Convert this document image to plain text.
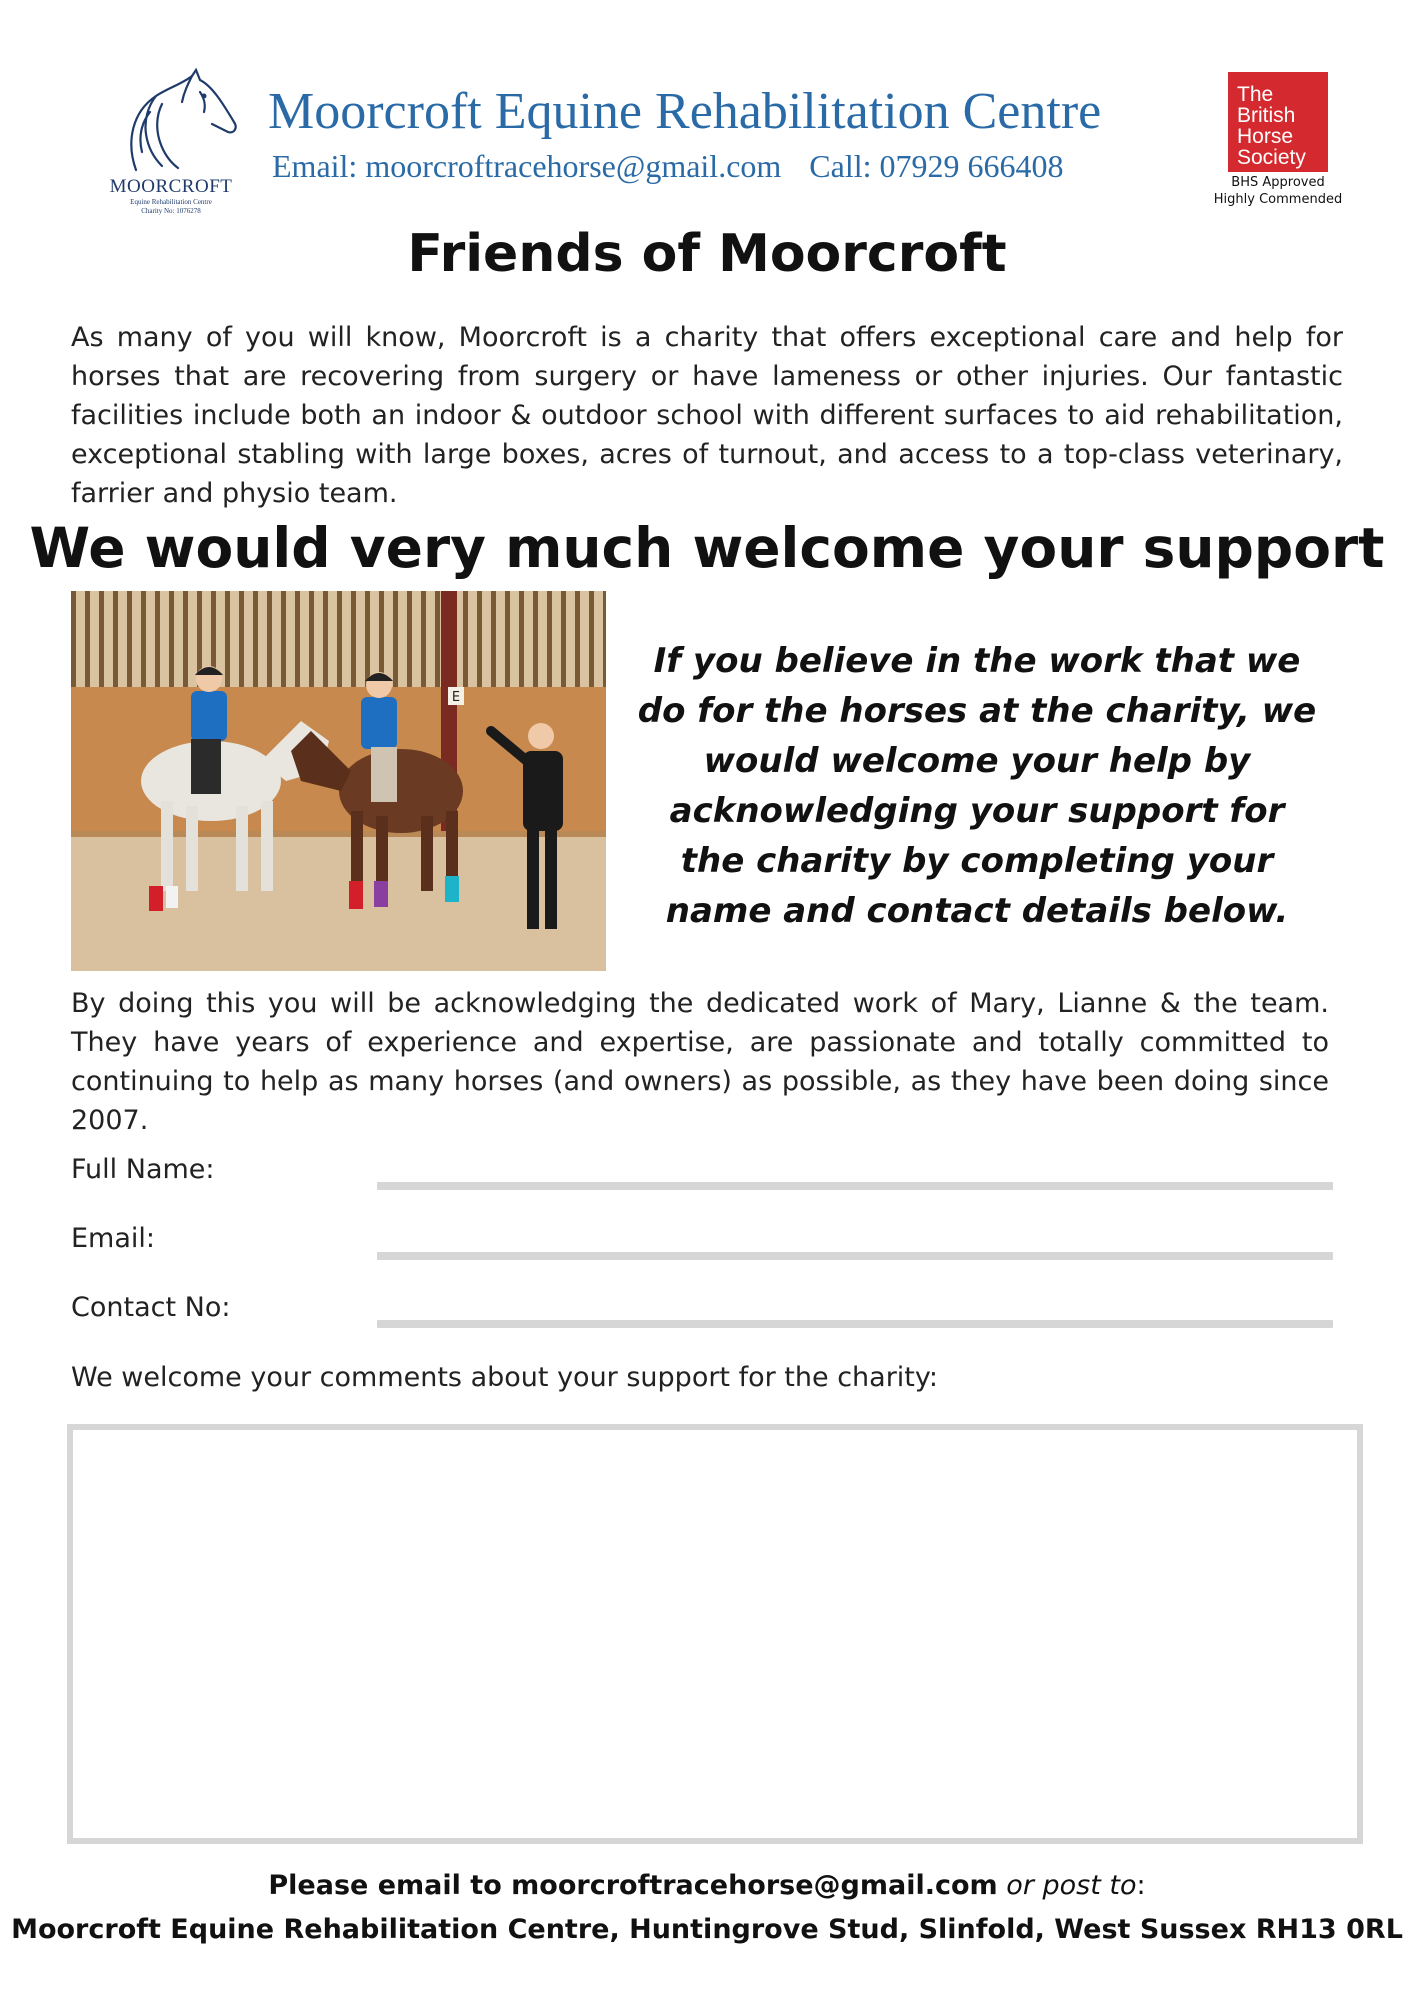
MOORCROFT
Equine Rehabilitation Centre
Charity No: 1076278
Moorcroft Equine Rehabilitation Centre
Email: moorcroftracehorse@gmail.com Call: 07929 666408
The
British
Horse
Society
BHS Approved
Highly Commended
Friends of Moorcroft
As many of you will know, Moorcroft is a charity that offers exceptional care and help for horses that are recovering from surgery or have lameness or other injuries. Our fantastic facilities include both an indoor & outdoor school with different surfaces to aid rehabilitation, exceptional stabling with large boxes, acres of turnout, and access to a top-class veterinary, farrier and physio team.
We would very much welcome your support
E
If you believe in the work that we do for the horses at the charity, we would welcome your help by acknowledging your support for the charity by completing your name and contact details below.
By doing this you will be acknowledging the dedicated work of Mary, Lianne & the team. They have years of experience and expertise, are passionate and totally committed to continuing to help as many horses (and owners) as possible, as they have been doing since 2007.
Full Name:
Email:
Contact No:
We welcome your comments about your support for the charity:
Please email to moorcroftracehorse@gmail.com or post to:
Moorcroft Equine Rehabilitation Centre, Huntingrove Stud, Slinfold, West Sussex RH13 0RL
